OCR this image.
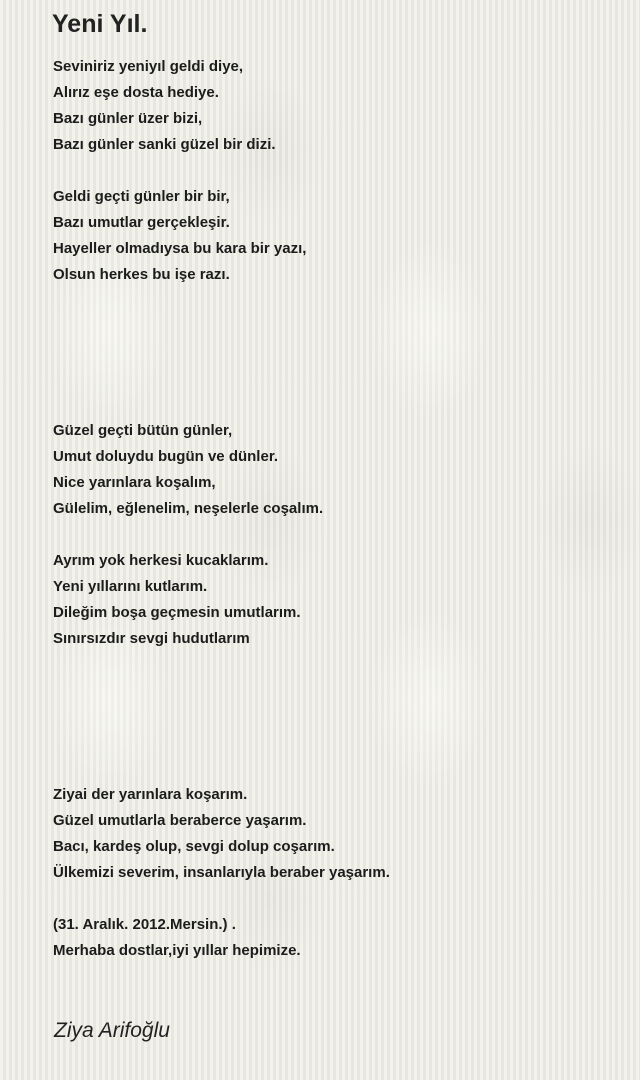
Yeni Yıl.
Seviniriz yeniyıl geldi diye,
Alırız eşe dosta hediye.
Bazı günler üzer bizi,
Bazı günler sanki güzel bir dizi.
Geldi geçti günler bir bir,
Bazı umutlar gerçekleşir.
Hayeller olmadıysa bu kara bir yazı,
Olsun herkes bu işe razı.
Güzel geçti bütün günler,
Umut doluydu bugün ve dünler.
Nice yarınlara koşalım,
Gülelim, eğlenelim, neşelerle coşalım.
Ayrım yok herkesi kucaklarım.
Yeni yıllarını kutlarım.
Dileğim boşa geçmesin umutlarım.
Sınırsızdır sevgi hudutlarım
Ziyai der yarınlara koşarım.
Güzel umutlarla beraberce yaşarım.
Bacı, kardeş olup, sevgi dolup coşarım.
Ülkemizi severim, insanlarıyla beraber yaşarım.
(31. Aralık. 2012.Mersin.) .
Merhaba dostlar,iyi yıllar hepimize.

Ziya Arifoğlu
